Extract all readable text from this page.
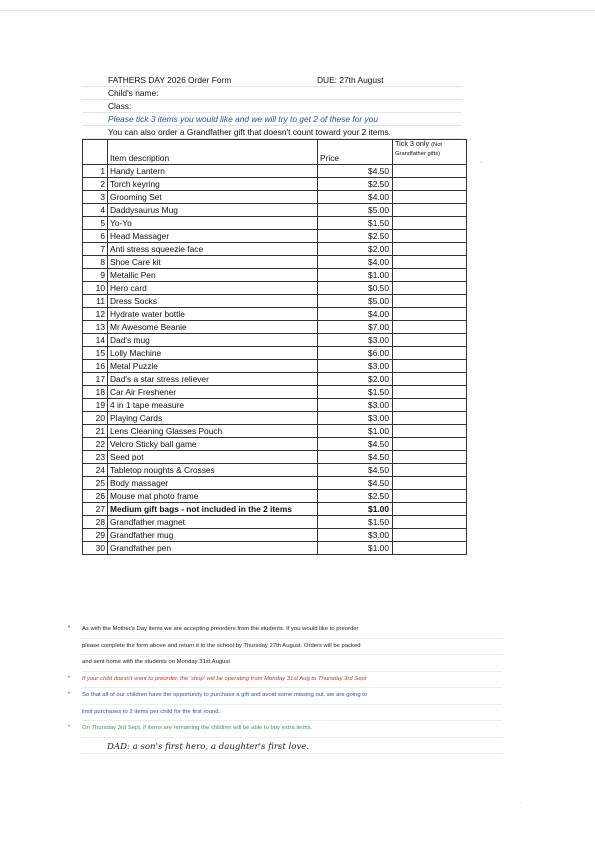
	FATHERS DAY 2026 Order Form	DUE: 27th August	
	Child's name:		
	Class:		
	Please tick 3 items you would like and we will try to get 2 of these for you		
	You can also order a Grandfather gift that doesn't count toward your 2 items.		
	Item description	Price	Tick 3 only (Not Grandfather gifts)
1	Handy Lantern	$4.50	
2	Torch keyring	$2.50	
3	Grooming Set	$4.00	
4	Daddysaurus Mug	$5.00	
5	Yo-Yo	$1.50	
6	Head Massager	$2.50	
7	Anti stress squeezie face	$2.00	
8	Shoe Care kit	$4.00	
9	Metallic Pen	$1.00	
10	Hero card	$0.50	
11	Dress Socks	$5.00	
12	Hydrate water bottle	$4.00	
13	Mr Awesome Beanie	$7.00	
14	Dad's mug	$3.00	
15	Lolly Machine	$6.00	
16	Metal Puzzle	$3.00	
17	Dad's a star stress reliever	$2.00	
18	Car Air Freshener	$1.50	
19	4 in 1 tape measure	$3.00	
20	Playing Cards	$3.00	
21	Lens Cleaning Glasses Pouch	$1.00	
22	Velcro Sticky ball game	$4.50	
23	Seed pot	$4.50	
24	Tabletop noughts & Crosses	$4.50	
25	Body massager	$4.50	
26	Mouse mat photo frame	$2.50	
27	Medium gift bags - not included in the 2 items	$1.00	
28	Grandfather magnet	$1.50	
29	Grandfather mug	$3.00	
30	Grandfather pen	$1.00	
*	As with the Mother's Day items we are accepting preorders from the students. If you would like to preorder
please complete the form above and return it to the school by Thursday 27th August. Orders will be packed
and sent home with the students on Monday 31st August
*	If your child doesn't want to preorder, the 'shop' will be operating from Monday 31st Aug to Thursday 3rd Sept
*	So that all of our children have the opportunity to purchase a gift and avoid some missing out, we are going to
limit purchases to 2 items per child for the first round.
*	On Thursday 3rd Sept, if items are remaining the children will be able to buy extra items.
DAD: a son's first hero, a daughter's first love.
·
-
